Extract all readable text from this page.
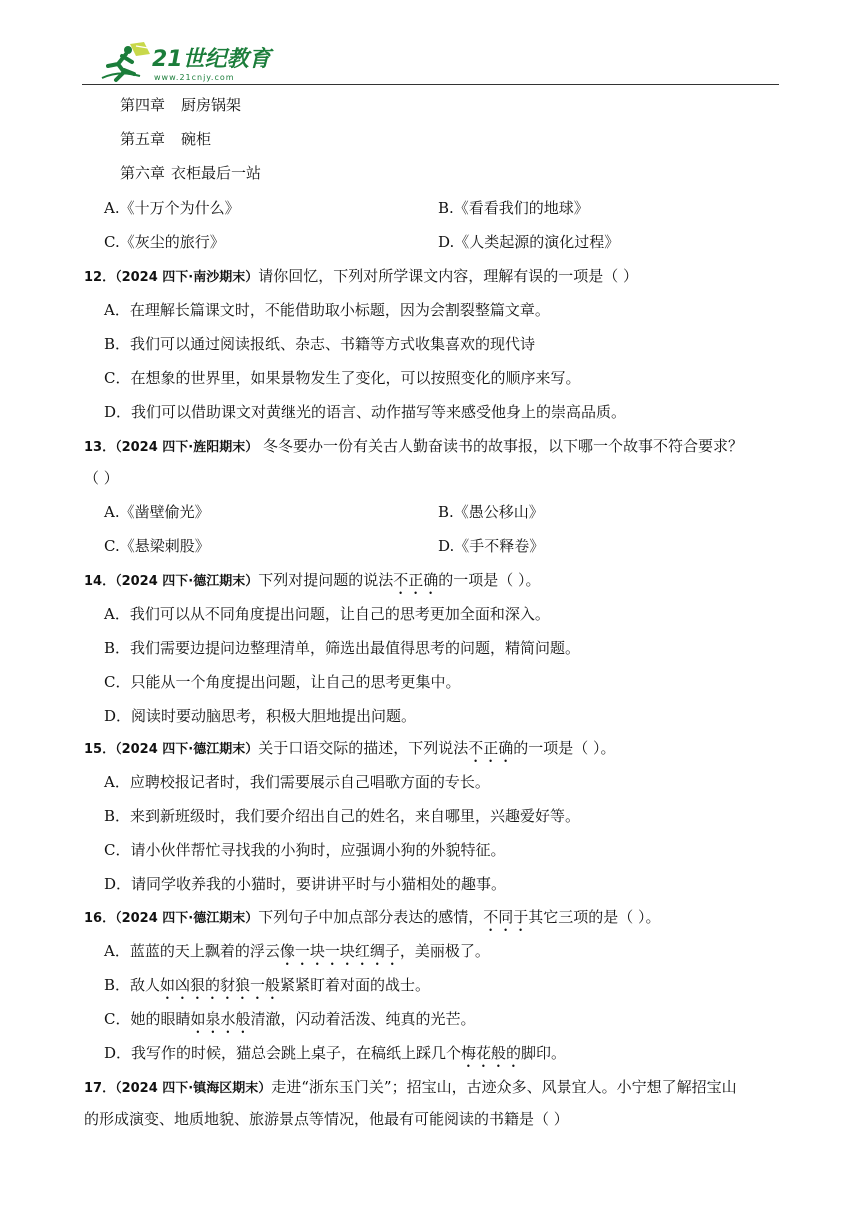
21世纪教育
www.21cnjy.com
第四章 厨房锅架
第五章 碗柜
第六章 衣柜最后一站
A.《十万个为什么》	B.《看看我们的地球》
C.《灰尘的旅行》	D.《人类起源的演化过程》
12．（2024 四下·南沙期末）请你回忆，下列对所学课文内容，理解有误的一项是（ ）
A．在理解长篇课文时，不能借助取小标题，因为会割裂整篇文章。
B．我们可以通过阅读报纸、杂志、书籍等方式收集喜欢的现代诗
C．在想象的世界里，如果景物发生了变化，可以按照变化的顺序来写。
D．我们可以借助课文对黄继光的语言、动作描写等来感受他身上的崇高品质。
13．（2024 四下·旌阳期末） 冬冬要办一份有关古人勤奋读书的故事报，以下哪一个故事不符合要求？
（ ）
A.《凿壁偷光》	B.《愚公移山》
C.《悬梁刺股》	D.《手不释卷》
14．（2024 四下·德江期末）下列对提问题的说法不正确的一项是（ ）。
A．我们可以从不同角度提出问题，让自己的思考更加全面和深入。
B．我们需要边提问边整理清单，筛选出最值得思考的问题，精简问题。
C．只能从一个角度提出问题，让自己的思考更集中。
D．阅读时要动脑思考，积极大胆地提出问题。
15．（2024 四下·德江期末）关于口语交际的描述，下列说法不正确的一项是（ ）。
A．应聘校报记者时，我们需要展示自己唱歌方面的专长。
B．来到新班级时，我们要介绍出自己的姓名，来自哪里，兴趣爱好等。
C．请小伙伴帮忙寻找我的小狗时，应强调小狗的外貌特征。
D．请同学收养我的小猫时，要讲讲平时与小猫相处的趣事。
16．（2024 四下·德江期末）下列句子中加点部分表达的感情，不同于其它三项的是（ ）。
A．蓝蓝的天上飘着的浮云像一块一块红绸子，美丽极了。
B．敌人如凶狠的豺狼一般紧紧盯着对面的战士。
C．她的眼睛如泉水般清澈，闪动着活泼、纯真的光芒。
D．我写作的时候，猫总会跳上桌子，在稿纸上踩几个梅花般的脚印。
17．（2024 四下·镇海区期末）走进“浙东玉门关”；招宝山，古迹众多、风景宜人。小宁想了解招宝山
的形成演变、地质地貌、旅游景点等情况，他最有可能阅读的书籍是（ ）
